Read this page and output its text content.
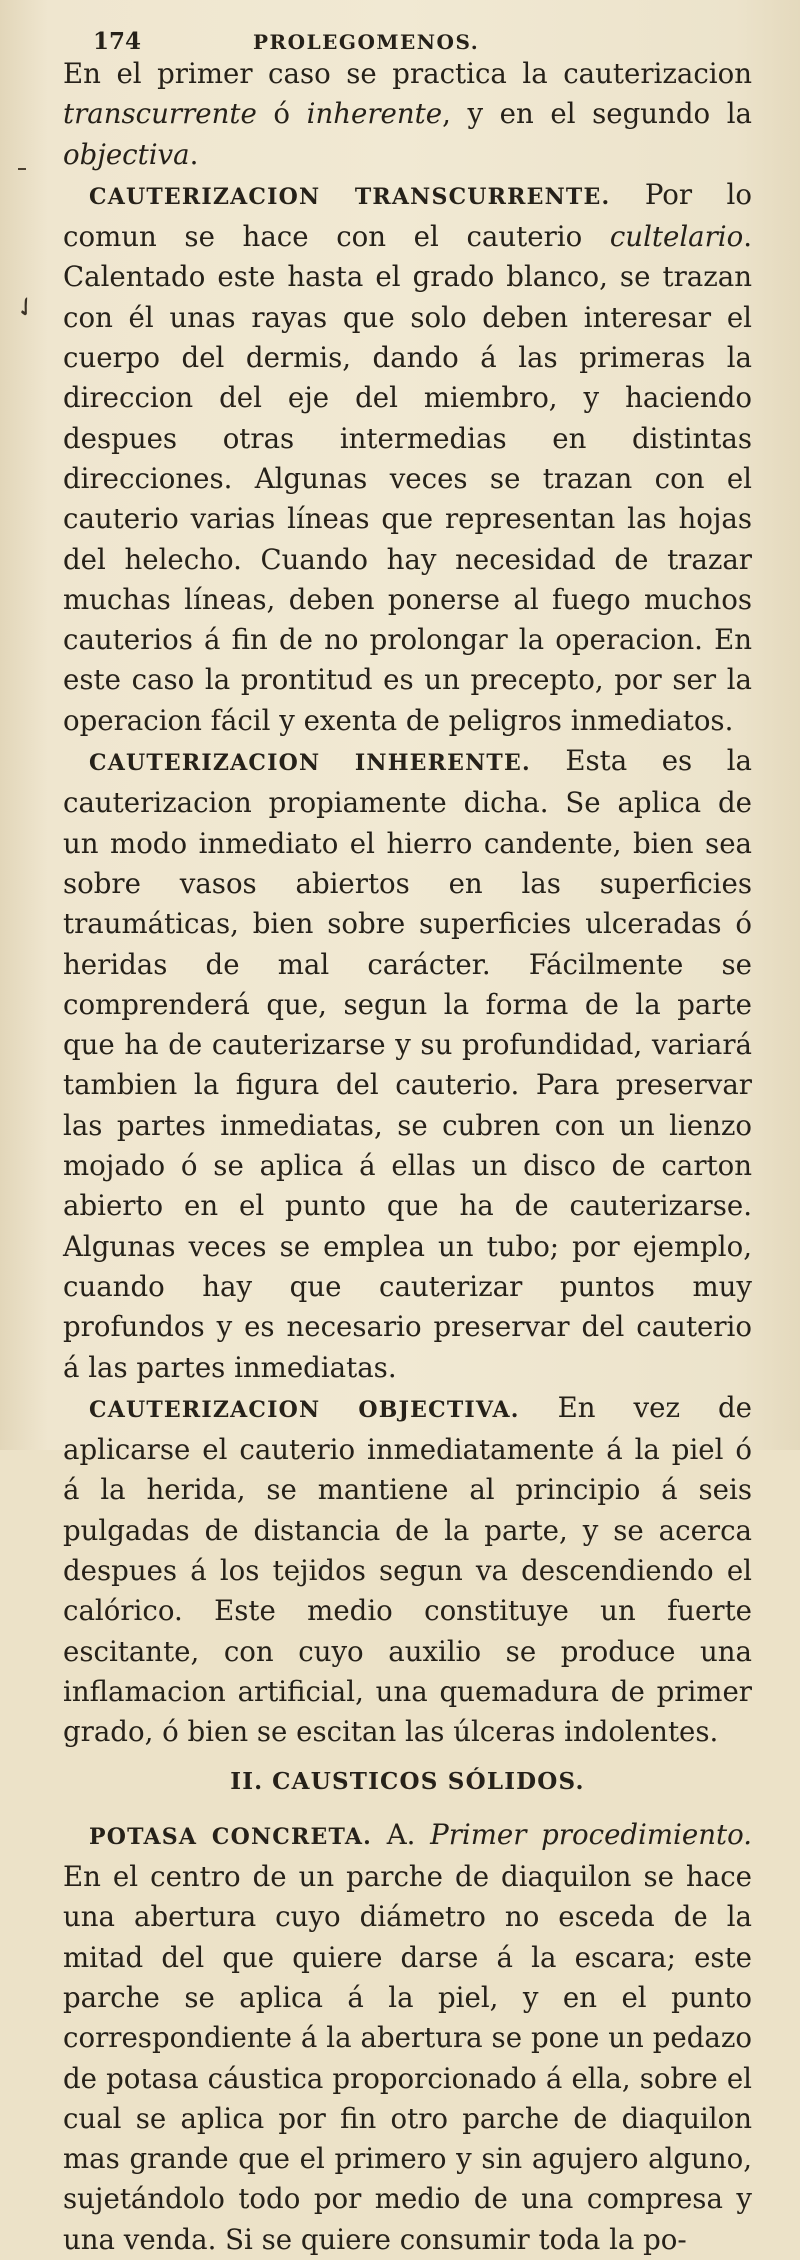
✓
174	PROLEGOMENOS.

En el primer caso se practica la cauterizacion transcurrente ó inherente, y en el segundo la objectiva.

CAUTERIZACION TRANSCURRENTE. Por lo comun se hace con el cauterio cultelario. Calentado este hasta el grado blanco, se trazan con él unas rayas que solo deben interesar el cuerpo del dermis, dando á las primeras la direccion del eje del miembro, y haciendo despues otras intermedias en distintas direcciones. Algunas veces se trazan con el cauterio varias líneas que representan las hojas del helecho. Cuando hay necesidad de trazar muchas líneas, deben ponerse al fuego muchos cauterios á fin de no prolongar la operacion. En este caso la prontitud es un precepto, por ser la operacion fácil y exenta de peligros inmediatos.

CAUTERIZACION INHERENTE. Esta es la cauterizacion propiamente dicha. Se aplica de un modo inmediato el hierro candente, bien sea sobre vasos abiertos en las superficies traumáticas, bien sobre superficies ulceradas ó heridas de mal carácter. Fácilmente se comprenderá que, segun la forma de la parte que ha de cauterizarse y su profundidad, variará tambien la figura del cauterio. Para preservar las partes inmediatas, se cubren con un lienzo mojado ó se aplica á ellas un disco de carton abierto en el punto que ha de cauterizarse. Algunas veces se emplea un tubo; por ejemplo, cuando hay que cauterizar puntos muy profundos y es necesario preservar del cauterio á las partes inmediatas.

CAUTERIZACION OBJECTIVA. En vez de aplicarse el cauterio inmediatamente á la piel ó á la herida, se mantiene al principio á seis pulgadas de distancia de la parte, y se acerca despues á los tejidos segun va descendiendo el calórico. Este medio constituye un fuerte escitante, con cuyo auxilio se produce una inflamacion artificial, una quemadura de primer grado, ó bien se escitan las úlceras indolentes.

II. CAUSTICOS SÓLIDOS.

POTASA CONCRETA. A. Primer procedimiento. En el centro de un parche de diaquilon se hace una abertura cuyo diámetro no esceda de la mitad del que quiere darse á la escara; este parche se aplica á la piel, y en el punto correspondiente á la abertura se pone un pedazo de potasa cáustica proporcionado á ella, sobre el cual se aplica por fin otro parche de diaquilon mas grande que el primero y sin agujero alguno, sujetándolo todo por medio de una compresa y una venda. Si se quiere consumir toda la po-
